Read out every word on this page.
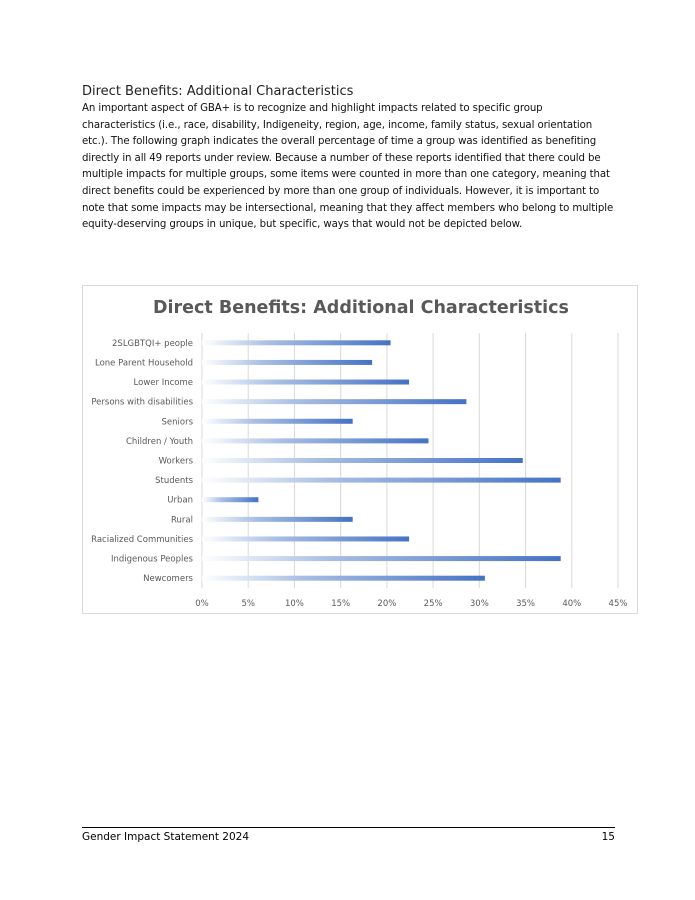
Direct Benefits: Additional Characteristics

An important aspect of GBA+ is to recognize and highlight impacts related to specific group characteristics (i.e., race, disability, Indigeneity, region, age, income, family status, sexual orientation etc.). The following graph indicates the overall percentage of time a group was identified as benefiting directly in all 49 reports under review. Because a number of these reports identified that there could be multiple impacts for multiple groups, some items were counted in more than one category, meaning that direct benefits could be experienced by more than one group of individuals. However, it is important to note that some impacts may be intersectional, meaning that they affect members who belong to multiple equity-deserving groups in unique, but specific, ways that would not be depicted below.

Direct Benefits: Additional Characteristics
0%	5%	10%	15%	20%	25%	30%	35%	40%	45%
2SLGBTQI+ people
Lone Parent Household
Lower Income
Persons with disabilities
Seniors
Children / Youth
Workers
Students
Urban
Rural
Racialized Communities
Indigenous Peoples
Newcomers
Gender Impact Statement 2024	15
